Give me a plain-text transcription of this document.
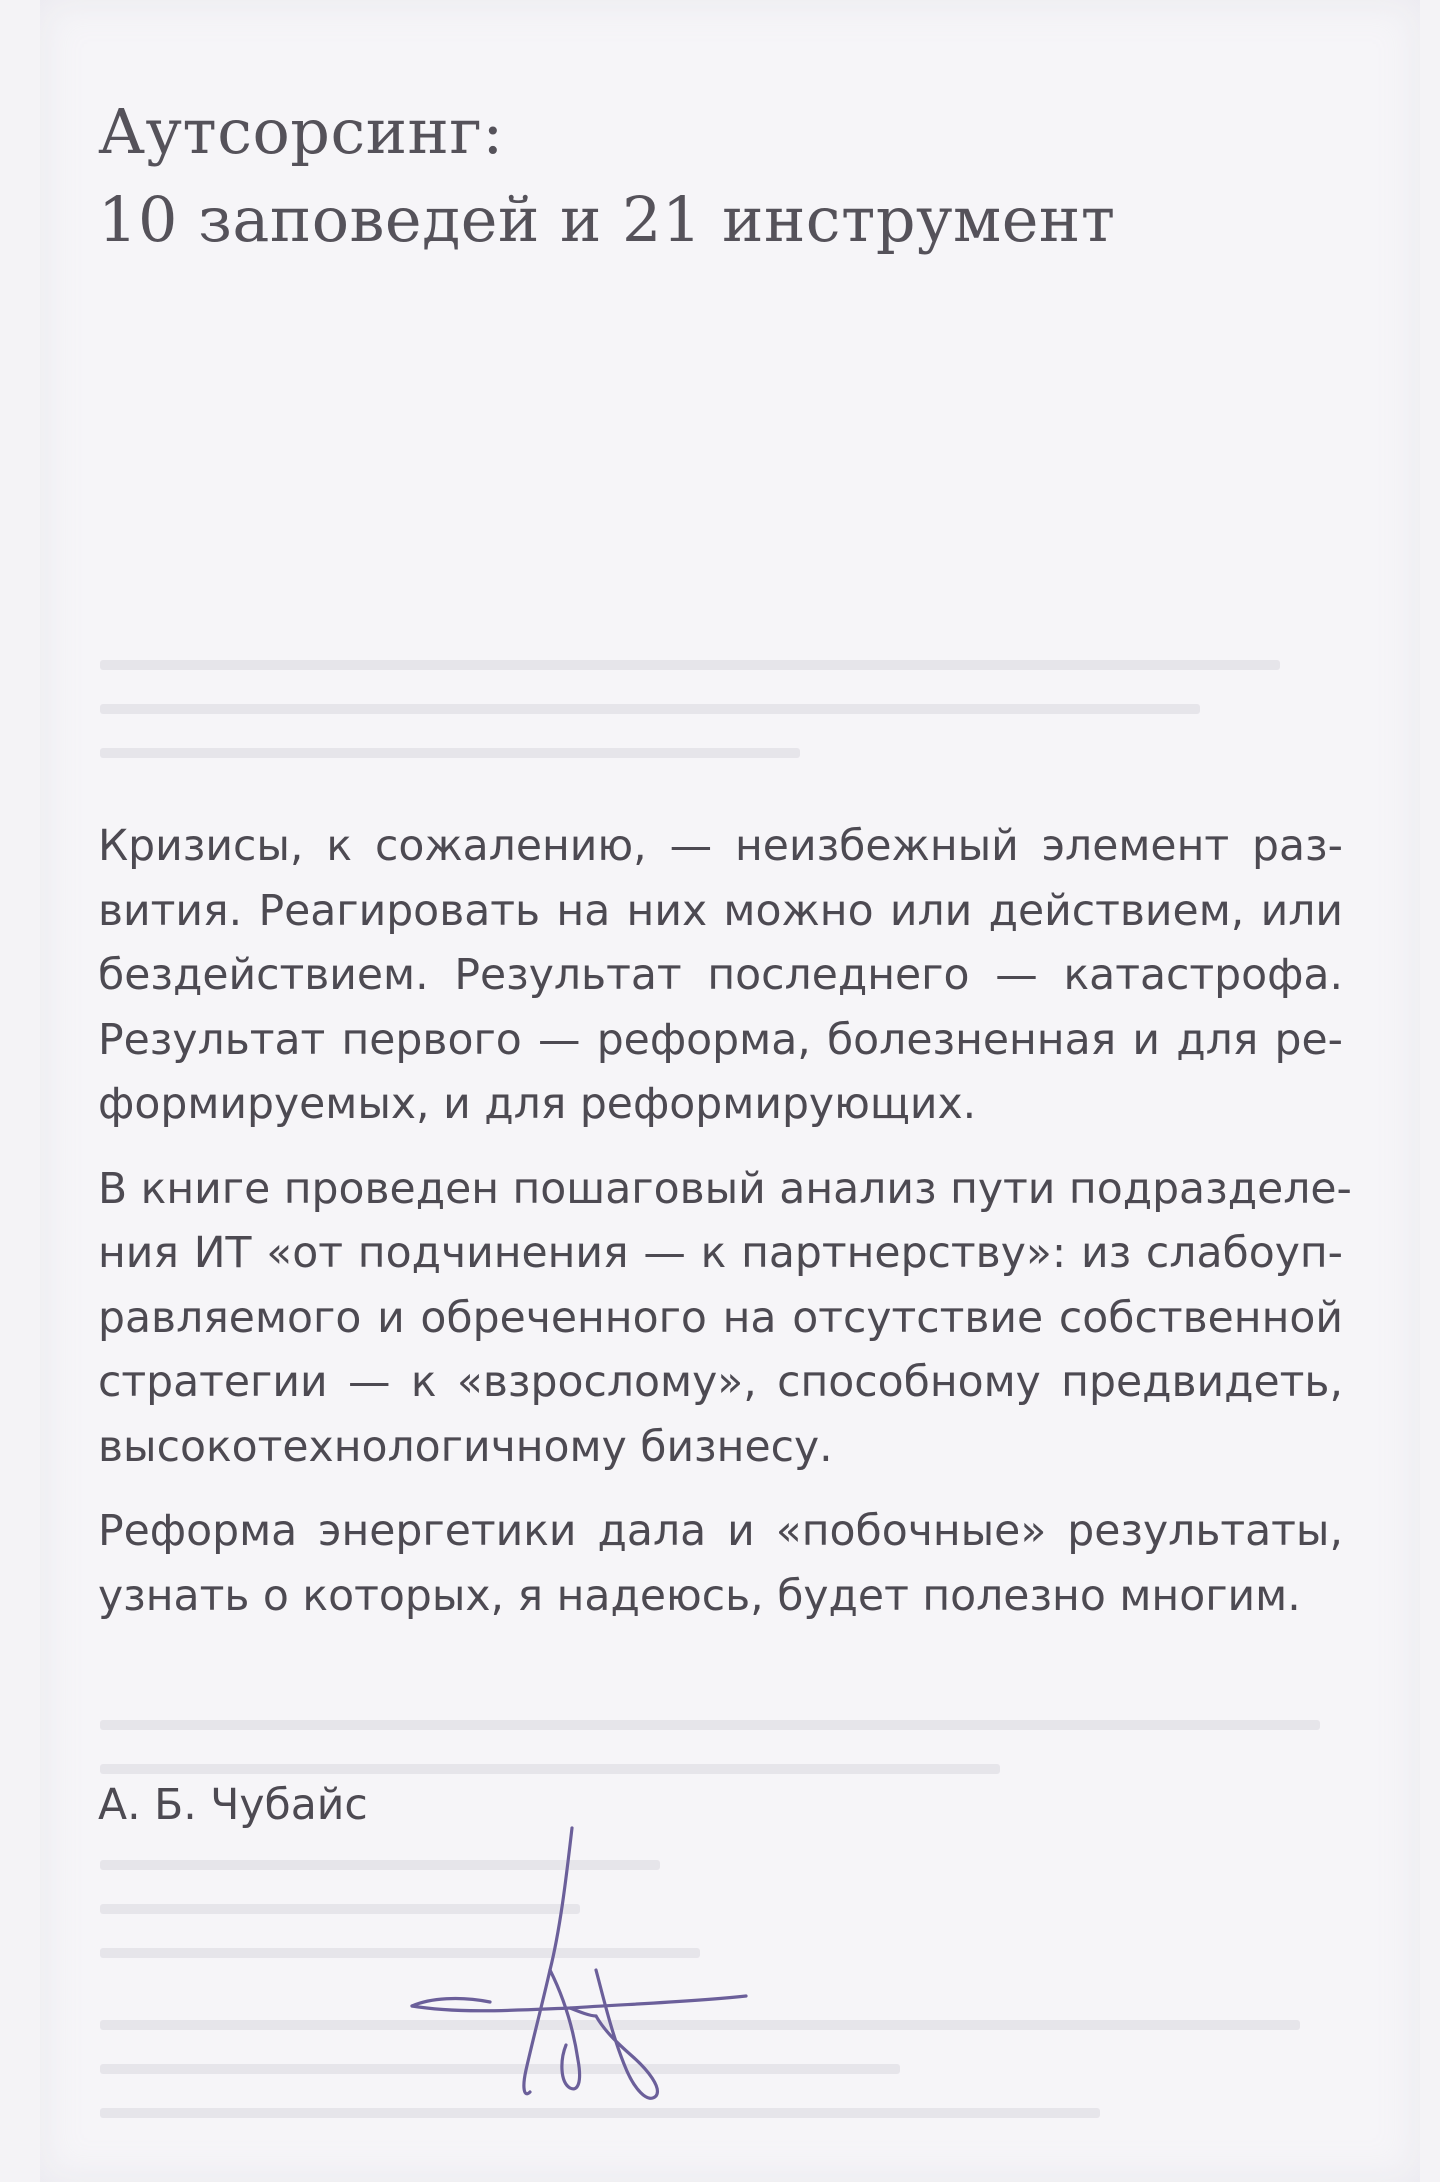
Аутсорсинг:
10 заповедей и 21 инструмент
Кризисы, к сожалению, — неизбежный элемент раз-
вития. Реагировать на них можно или действием, или
бездействием. Результат последнего — катастрофа.
Результат первого — реформа, болезненная и для ре-
формируемых, и для реформирующих.
В книге проведен пошаговый анализ пути подразделе-
ния ИТ «от подчинения — к партнерству»: из слабоуп-
равляемого и обреченного на отсутствие собственной
стратегии — к «взрослому», способному предвидеть,
высокотехнологичному бизнесу.
Реформа энергетики дала и «побочные» результаты,
узнать о которых, я надеюсь, будет полезно многим.
А. Б. Чубайс
